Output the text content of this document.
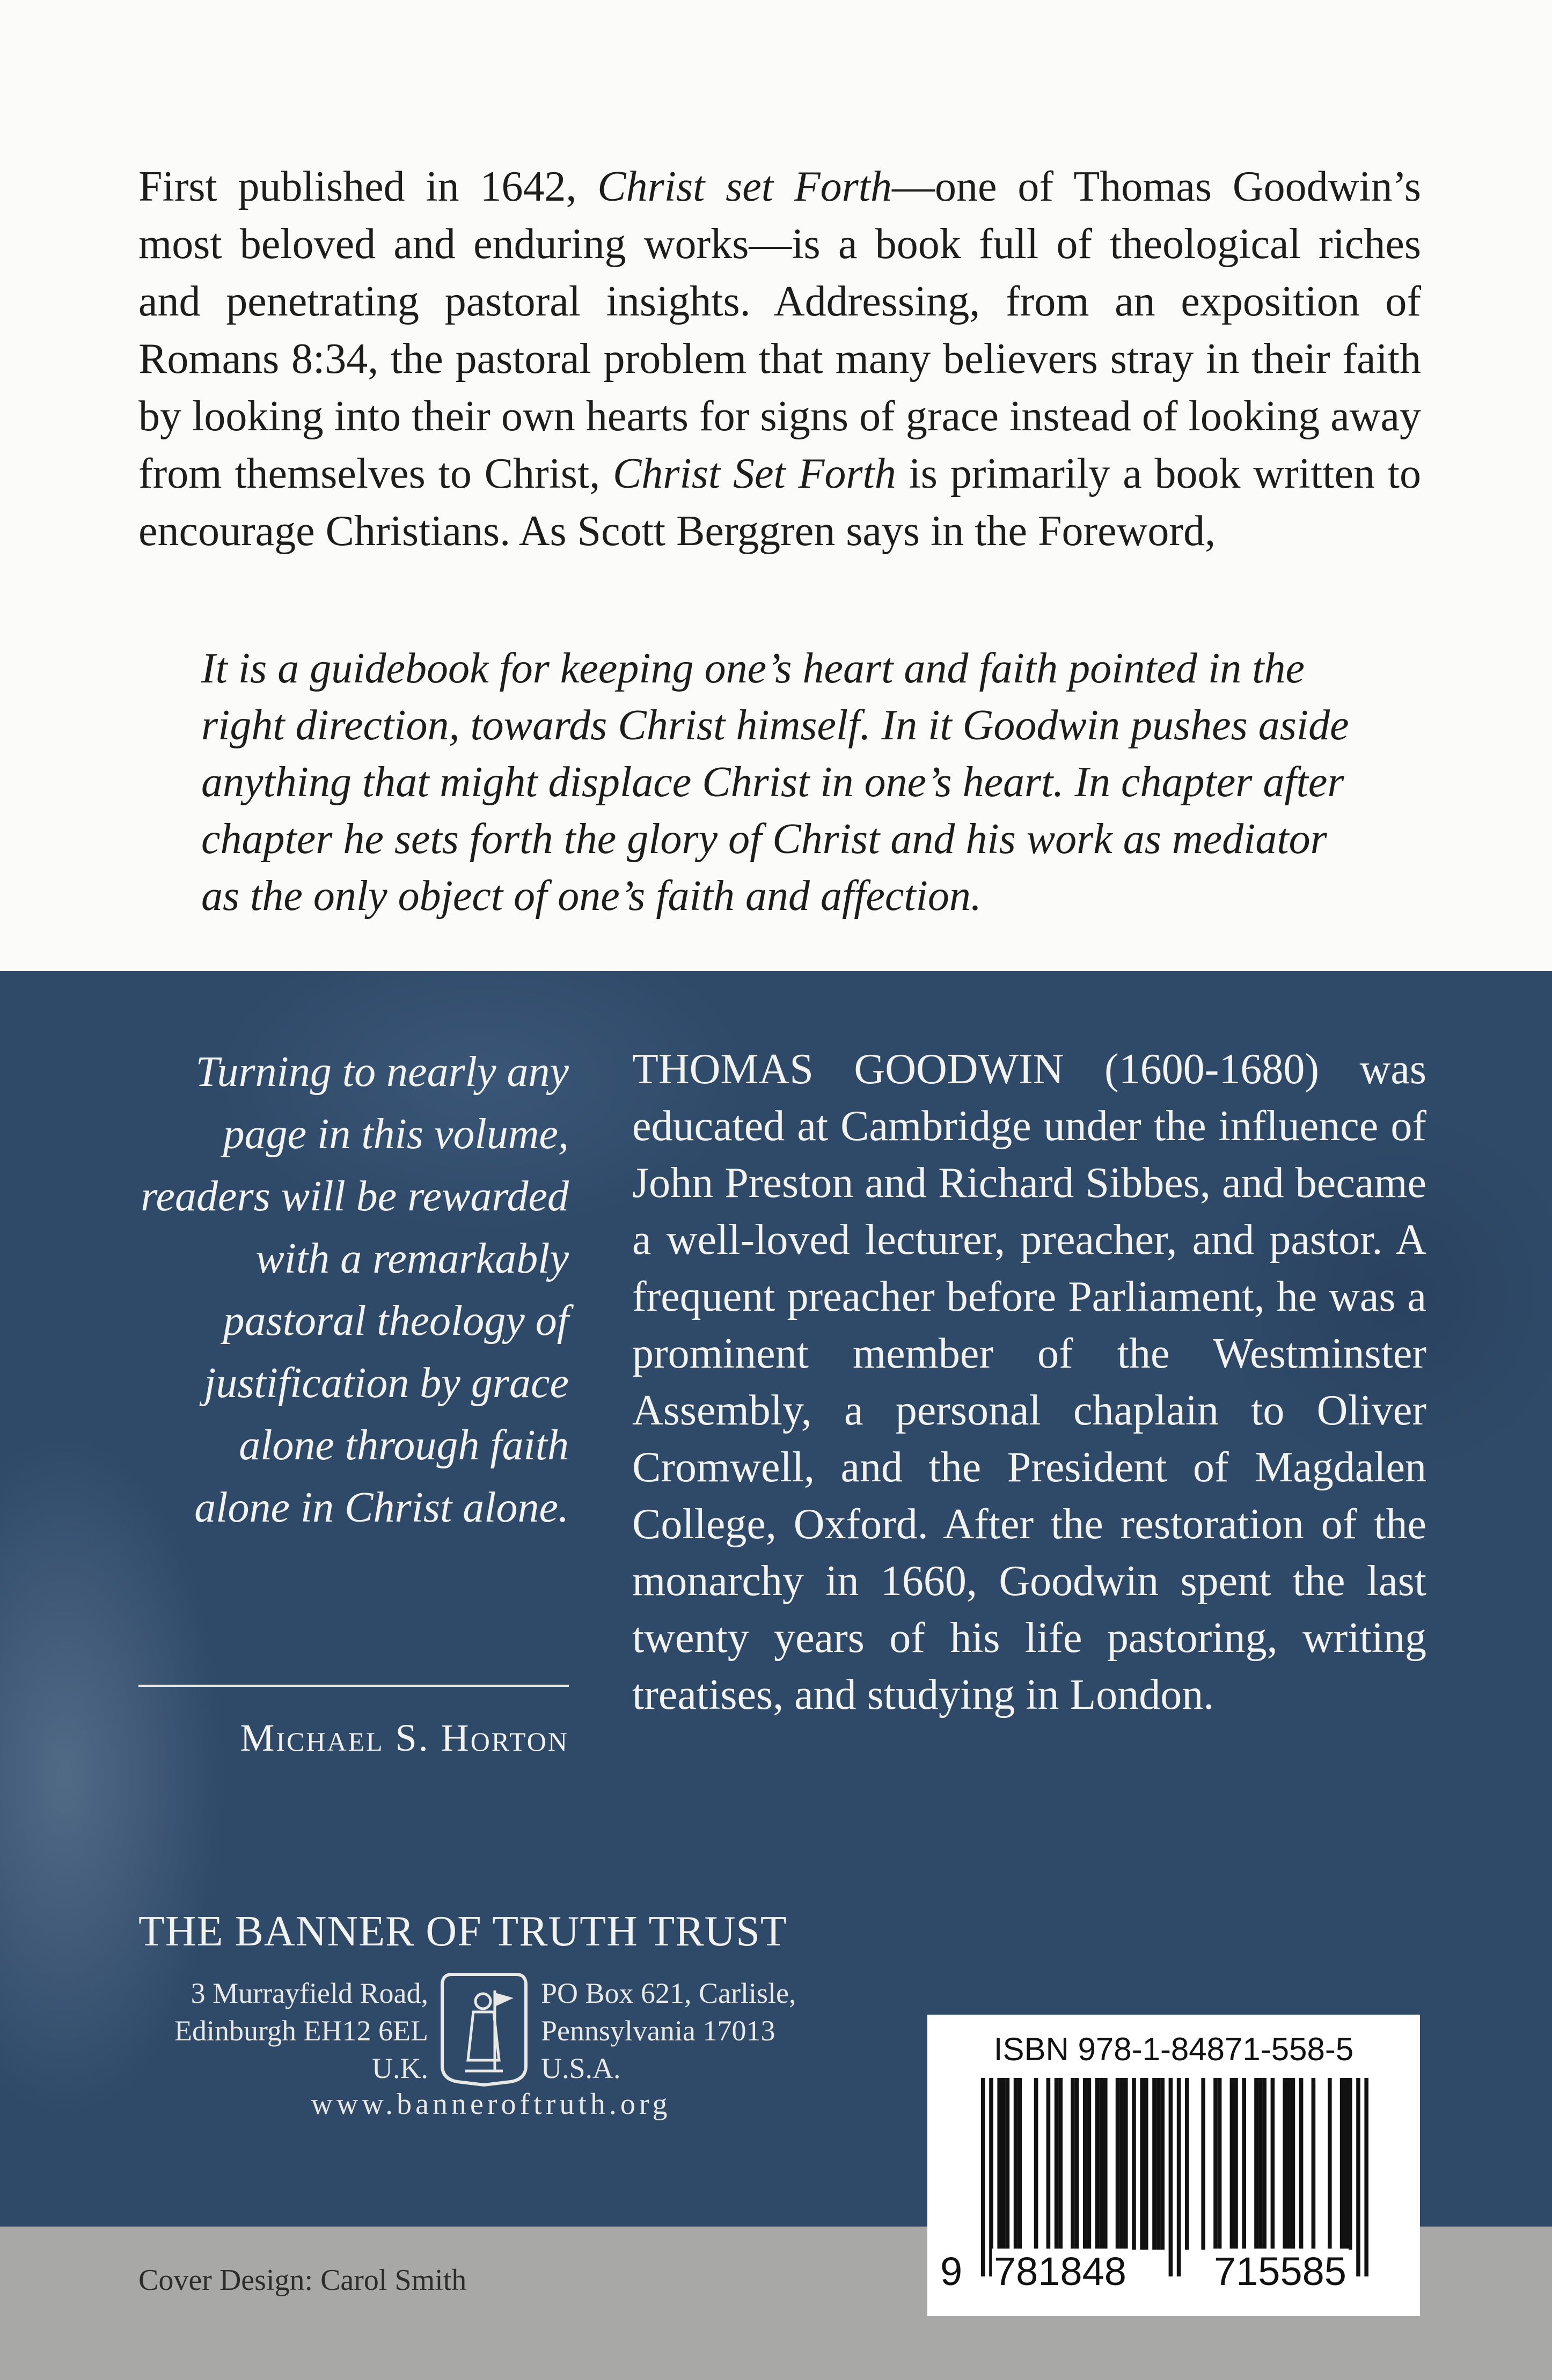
First published in 1642, Christ set Forth—one of Thomas Goodwin’s most beloved and enduring works—is a book full of theological riches and penetrating pastoral insights. Addressing, from an exposition of Romans 8:34, the pastoral problem that many believers stray in their faith by looking into their own hearts for signs of grace instead of looking away from themselves to Christ, Christ Set Forth is primarily a book written to encourage Christians. As Scott Berggren says in the Foreword,

It is a guidebook for keeping one’s heart and faith pointed in the right direction, towards Christ himself. In it Goodwin pushes aside anything that might displace Christ in one’s heart. In chapter after chapter he sets forth the glory of Christ and his work as mediator as the only object of one’s faith and affection.
Turning to nearly any
page in this volume,
readers will be rewarded
with a remarkably
pastoral theology of
justification by grace
alone through faith
alone in Christ alone.
Michael S. Horton

THOMAS GOODWIN (1600-1680) was educated at Cambridge under the influence of John Preston and Richard Sibbes, and became a well-loved lecturer, preacher, and pastor. A frequent preacher before Parliament, he was a prominent member of the Westminster Assembly, a personal chaplain to Oliver Cromwell, and the President of Magdalen College, Oxford. After the restoration of the monarchy in 1660, Goodwin spent the last twenty years of his life pastoring, writing treatises, and studying in London.

THE BANNER OF TRUTH TRUST
3 Murrayfield Road,
Edinburgh EH12 6EL
U.K.
PO Box 621, Carlisle,
Pennsylvania 17013
U.S.A.
www.banneroftruth.org
Cover Design: Carol Smith
ISBN 978-1-84871-558-5
9 781848 715585
